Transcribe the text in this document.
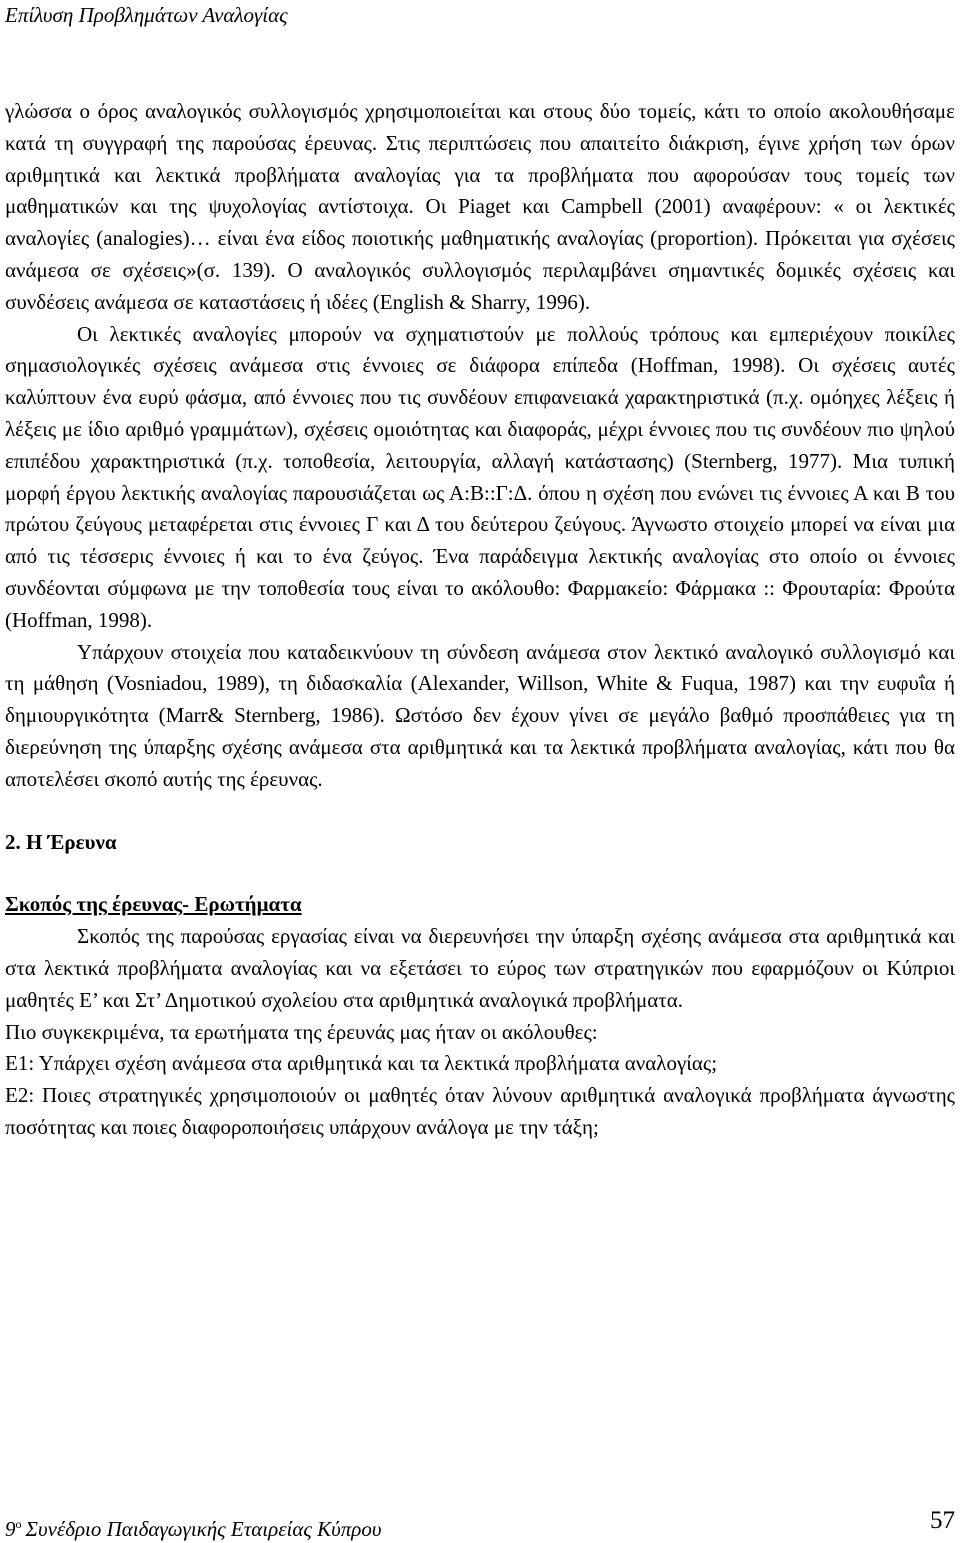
Επίλυση Προβλημάτων Αναλογίας

γλώσσα ο όρος αναλογικός συλλογισμός χρησιμοποιείται και στους δύο τομείς, κάτι το οποίο ακολουθήσαμε κατά τη συγγραφή της παρούσας έρευνας. Στις περιπτώσεις που απαιτείτο διάκριση, έγινε χρήση των όρων αριθμητικά και λεκτικά προβλήματα αναλογίας για τα προβλήματα που αφορούσαν τους τομείς των μαθηματικών και της ψυχολογίας αντίστοιχα. Οι Piaget και Campbell (2001) αναφέρουν: « οι λεκτικές αναλογίες (analogies)… είναι ένα είδος ποιοτικής μαθηματικής αναλογίας (proportion). Πρόκειται για σχέσεις ανάμεσα σε σχέσεις»(σ. 139). Ο αναλογικός συλλογισμός περιλαμβάνει σημαντικές δομικές σχέσεις και συνδέσεις ανάμεσα σε καταστάσεις ή ιδέες (English & Sharry, 1996).

Οι λεκτικές αναλογίες μπορούν να σχηματιστούν με πολλούς τρόπους και εμπεριέχουν ποικίλες σημασιολογικές σχέσεις ανάμεσα στις έννοιες σε διάφορα επίπεδα (Hoffman, 1998). Οι σχέσεις αυτές καλύπτουν ένα ευρύ φάσμα, από έννοιες που τις συνδέουν επιφανειακά χαρακτηριστικά (π.χ. ομόηχες λέξεις ή λέξεις με ίδιο αριθμό γραμμάτων), σχέσεις ομοιότητας και διαφοράς, μέχρι έννοιες που τις συνδέουν πιο ψηλού επιπέδου χαρακτηριστικά (π.χ. τοποθεσία, λειτουργία, αλλαγή κατάστασης) (Sternberg, 1977). Μια τυπική μορφή έργου λεκτικής αναλογίας παρουσιάζεται ως Α:Β::Γ:Δ. όπου η σχέση που ενώνει τις έννοιες Α και Β του πρώτου ζεύγους μεταφέρεται στις έννοιες Γ και Δ του δεύτερου ζεύγους. Άγνωστο στοιχείο μπορεί να είναι μια από τις τέσσερις έννοιες ή και το ένα ζεύγος. Ένα παράδειγμα λεκτικής αναλογίας στο οποίο οι έννοιες συνδέονται σύμφωνα με την τοποθεσία τους είναι το ακόλουθο: Φαρμακείο: Φάρμακα :: Φρουταρία: Φρούτα (Hoffman, 1998).

Υπάρχουν στοιχεία που καταδεικνύουν τη σύνδεση ανάμεσα στον λεκτικό αναλογικό συλλογισμό και τη μάθηση (Vosniadou, 1989), τη διδασκαλία (Alexander, Willson, White & Fuqua, 1987) και την ευφυΐα ή δημιουργικότητα (Marr& Sternberg, 1986). Ωστόσο δεν έχουν γίνει σε μεγάλο βαθμό προσπάθειες για τη διερεύνηση της ύπαρξης σχέσης ανάμεσα στα αριθμητικά και τα λεκτικά προβλήματα αναλογίας, κάτι που θα αποτελέσει σκοπό αυτής της έρευνας.

2. Η Έρευνα

Σκοπός της έρευνας- Ερωτήματα

Σκοπός της παρούσας εργασίας είναι να διερευνήσει την ύπαρξη σχέσης ανάμεσα στα αριθμητικά και στα λεκτικά προβλήματα αναλογίας και να εξετάσει το εύρος των στρατηγικών που εφαρμόζουν οι Κύπριοι μαθητές Ε’ και Στ’ Δημοτικού σχολείου στα αριθμητικά αναλογικά προβλήματα.

Πιο συγκεκριμένα, τα ερωτήματα της έρευνάς μας ήταν οι ακόλουθες:

Ε1: Υπάρχει σχέση ανάμεσα στα αριθμητικά και τα λεκτικά προβλήματα αναλογίας;

Ε2: Ποιες στρατηγικές χρησιμοποιούν οι μαθητές όταν λύνουν αριθμητικά αναλογικά προβλήματα άγνωστης ποσότητας και ποιες διαφοροποιήσεις υπάρχουν ανάλογα με την τάξη;

$9^o$ Συνέδριο Παιδαγωγικής Εταιρείας Κύπρου	57
